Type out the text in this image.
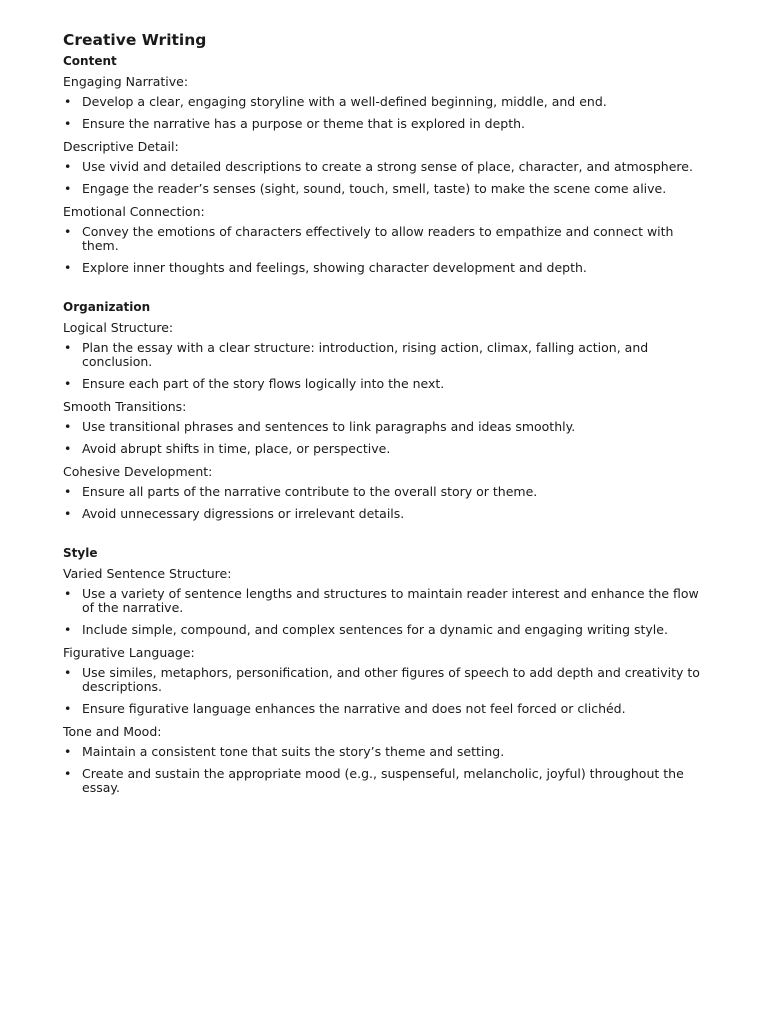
Creative Writing
Content
Engaging Narrative:
• Develop a clear, engaging storyline with a well-defined beginning, middle, and end.
• Ensure the narrative has a purpose or theme that is explored in depth.
Descriptive Detail:
• Use vivid and detailed descriptions to create a strong sense of place, character, and atmosphere.
• Engage the reader’s senses (sight, sound, touch, smell, taste) to make the scene come alive.
Emotional Connection:
• Convey the emotions of characters effectively to allow readers to empathize and connect with them.
• Explore inner thoughts and feelings, showing character development and depth.
Organization
Logical Structure:
• Plan the essay with a clear structure: introduction, rising action, climax, falling action, and conclusion.
• Ensure each part of the story flows logically into the next.
Smooth Transitions:
• Use transitional phrases and sentences to link paragraphs and ideas smoothly.
• Avoid abrupt shifts in time, place, or perspective.
Cohesive Development:
• Ensure all parts of the narrative contribute to the overall story or theme.
• Avoid unnecessary digressions or irrelevant details.
Style
Varied Sentence Structure:
• Use a variety of sentence lengths and structures to maintain reader interest and enhance the flow of the narrative.
• Include simple, compound, and complex sentences for a dynamic and engaging writing style.
Figurative Language:
• Use similes, metaphors, personification, and other figures of speech to add depth and creativity to descriptions.
• Ensure figurative language enhances the narrative and does not feel forced or clichéd.
Tone and Mood:
• Maintain a consistent tone that suits the story’s theme and setting.
• Create and sustain the appropriate mood (e.g., suspenseful, melancholic, joyful) throughout the essay.
